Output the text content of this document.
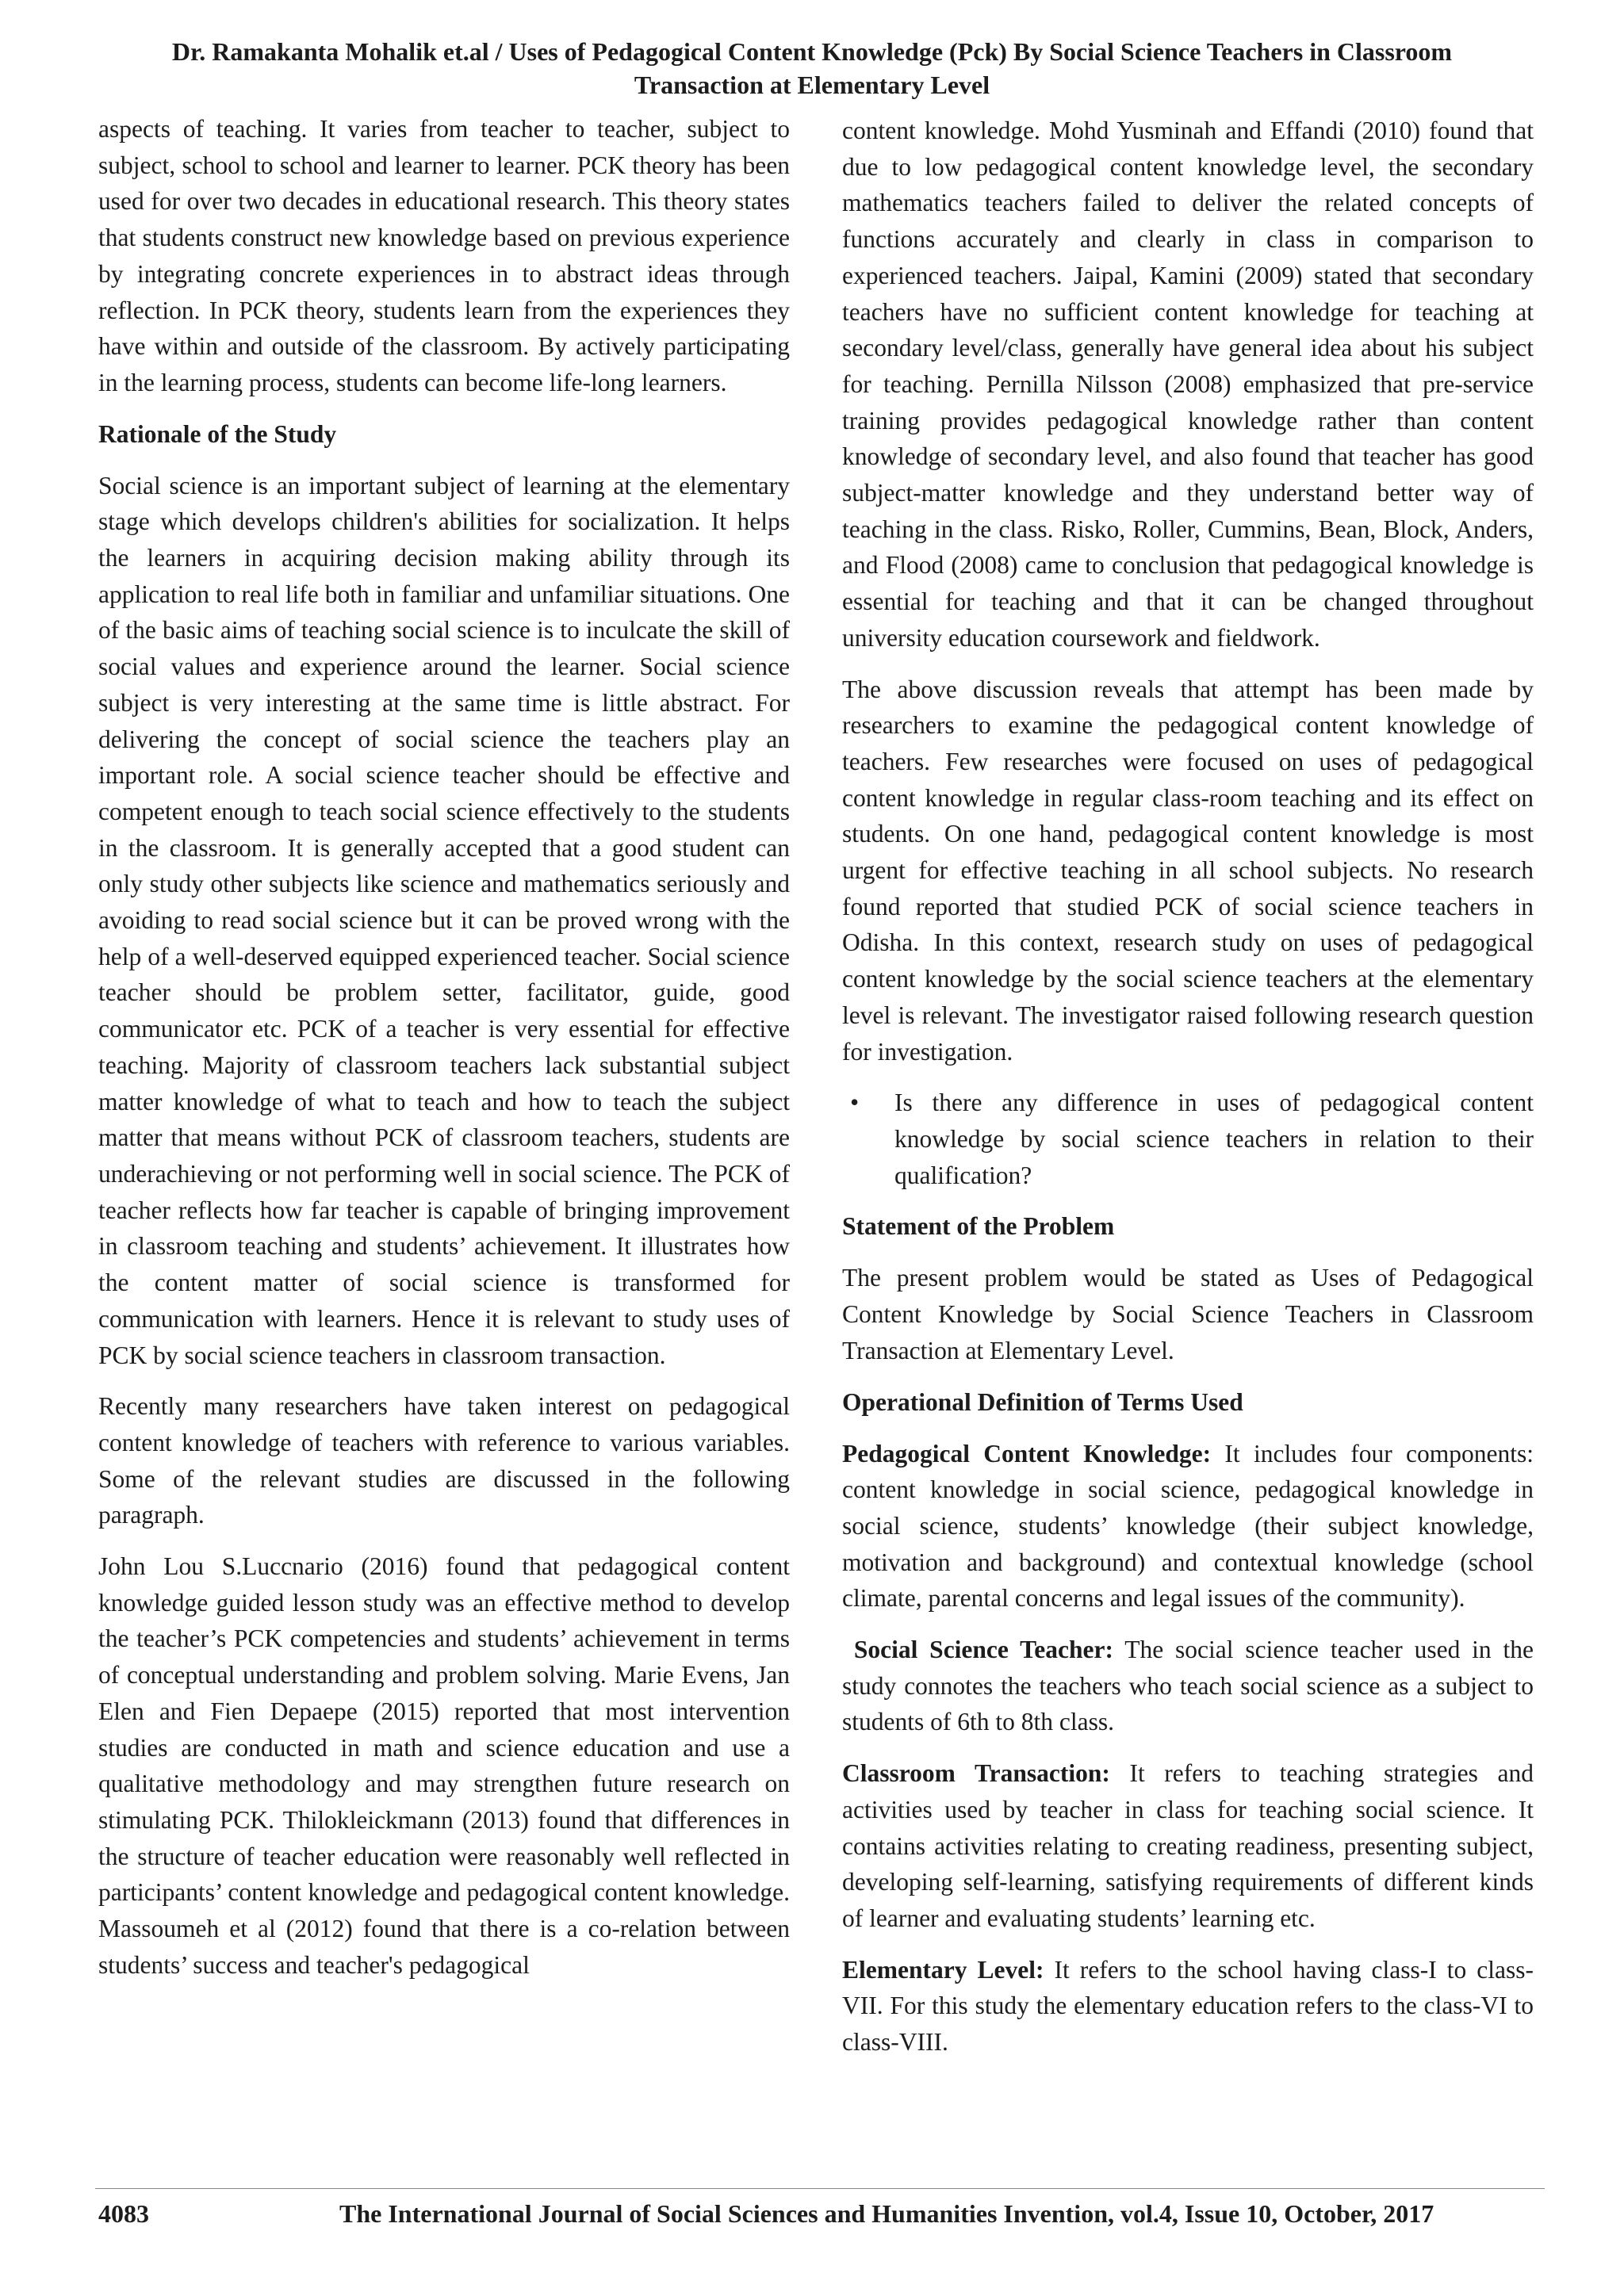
Dr. Ramakanta Mohalik et.al / Uses of Pedagogical Content Knowledge (Pck) By Social Science Teachers in Classroom
Transaction at Elementary Level

aspects of teaching. It varies from teacher to teacher, subject to subject, school to school and learner to learner. PCK theory has been used for over two decades in educational research. This theory states that students construct new knowledge based on previous experience by integrating concrete experiences in to abstract ideas through reflection. In PCK theory, students learn from the experiences they have within and outside of the classroom. By actively participating in the learning process, students can become life-long learners.

Rationale of the Study

Social science is an important subject of learning at the elementary stage which develops children's abilities for socialization. It helps the learners in acquiring decision making ability through its application to real life both in familiar and unfamiliar situations. One of the basic aims of teaching social science is to inculcate the skill of social values and experience around the learner. Social science subject is very interesting at the same time is little abstract. For delivering the concept of social science the teachers play an important role. A social science teacher should be effective and competent enough to teach social science effectively to the students in the classroom. It is generally accepted that a good student can only study other subjects like science and mathematics seriously and avoiding to read social science but it can be proved wrong with the help of a well-deserved equipped experienced teacher. Social science teacher should be problem setter, facilitator, guide, good communicator etc. PCK of a teacher is very essential for effective teaching. Majority of classroom teachers lack substantial subject matter knowledge of what to teach and how to teach the subject matter that means without PCK of classroom teachers, students are underachieving or not performing well in social science. The PCK of teacher reflects how far teacher is capable of bringing improvement in classroom teaching and students’ achievement. It illustrates how the content matter of social science is transformed for communication with learners. Hence it is relevant to study uses of PCK by social science teachers in classroom transaction.

Recently many researchers have taken interest on pedagogical content knowledge of teachers with reference to various variables. Some of the relevant studies are discussed in the following paragraph.

John Lou S.Luccnario (2016) found that pedagogical content knowledge guided lesson study was an effective method to develop the teacher’s PCK competencies and students’ achievement in terms of conceptual understanding and problem solving. Marie Evens, Jan Elen and Fien Depaepe (2015) reported that most intervention studies are conducted in math and science education and use a qualitative methodology and may strengthen future research on stimulating PCK. Thilokleickmann (2013) found that differences in the structure of teacher education were reasonably well reflected in participants’ content knowledge and pedagogical content knowledge. Massoumeh et al (2012) found that there is a co-relation between students’ success and teacher's pedagogical

content knowledge. Mohd Yusminah and Effandi (2010) found that due to low pedagogical content knowledge level, the secondary mathematics teachers failed to deliver the related concepts of functions accurately and clearly in class in comparison to experienced teachers. Jaipal, Kamini (2009) stated that secondary teachers have no sufficient content knowledge for teaching at secondary level/class, generally have general idea about his subject for teaching. Pernilla Nilsson (2008) emphasized that pre-service training provides pedagogical knowledge rather than content knowledge of secondary level, and also found that teacher has good subject-matter knowledge and they understand better way of teaching in the class. Risko, Roller, Cummins, Bean, Block, Anders, and Flood (2008) came to conclusion that pedagogical knowledge is essential for teaching and that it can be changed throughout university education coursework and fieldwork.

The above discussion reveals that attempt has been made by researchers to examine the pedagogical content knowledge of teachers. Few researches were focused on uses of pedagogical content knowledge in regular class-room teaching and its effect on students. On one hand, pedagogical content knowledge is most urgent for effective teaching in all school subjects. No research found reported that studied PCK of social science teachers in Odisha. In this context, research study on uses of pedagogical content knowledge by the social science teachers at the elementary level is relevant. The investigator raised following research question for investigation.

• Is there any difference in uses of pedagogical content knowledge by social science teachers in relation to their qualification?
Statement of the Problem

The present problem would be stated as Uses of Pedagogical Content Knowledge by Social Science Teachers in Classroom Transaction at Elementary Level.

Operational Definition of Terms Used

Pedagogical Content Knowledge: It includes four components: content knowledge in social science, pedagogical knowledge in social science, students’ knowledge (their subject knowledge, motivation and background) and contextual knowledge (school climate, parental concerns and legal issues of the community).

Social Science Teacher: The social science teacher used in the study connotes the teachers who teach social science as a subject to students of 6th to 8th class.

Classroom Transaction: It refers to teaching strategies and activities used by teacher in class for teaching social science. It contains activities relating to creating readiness, presenting subject, developing self-learning, satisfying requirements of different kinds of learner and evaluating students’ learning etc.

Elementary Level: It refers to the school having class-I to class-VII. For this study the elementary education refers to the class-VI to class-VIII.

4083	The International Journal of Social Sciences and Humanities Invention, vol.4, Issue 10, October, 2017
